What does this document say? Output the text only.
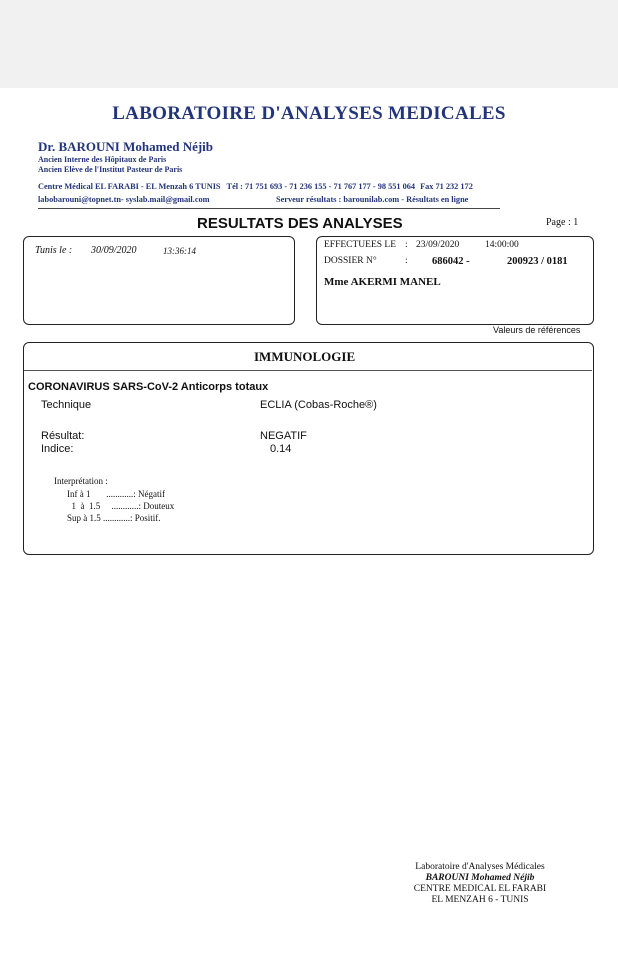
LABORATOIRE D'ANALYSES MEDICALES
Dr. BAROUNI Mohamed Néjib
Ancien Interne des Hôpitaux de Paris
Ancien Elève de l'Institut Pasteur de Paris
Centre Médical EL FARABI - EL Menzah 6 TUNIS Tél : 71 751 693 - 71 236 155 - 71 767 177 - 98 551 064 Fax 71 232 172
labobarouni@topnet.tn- syslab.mail@gmail.com	Serveur résultats : barounilab.com - Résultats en ligne
RESULTATS DES ANALYSES	Page : 1
Tunis le : 30/09/2020	13:36:14
EFFECTUEES LE : 23/09/2020	14:00:00
DOSSIER N°	: 686042 -	200923 / 0181
Mme AKERMI MANEL
Valeurs de références
IMMUNOLOGIE
CORONAVIRUS SARS-CoV-2 Anticorps totaux
Technique	ECLIA (Cobas-Roche®)
Résultat:	NEGATIF
Indice:	0.14
Interprétation :
Inf à 1       ............: Négatif
1  à  1.5     ............: Douteux
Sup à 1.5 ............: Positif.
Laboratoire d'Analyses Médicales
BAROUNI Mohamed Néjib
CENTRE MEDICAL EL FARABI
EL MENZAH 6 - TUNIS
